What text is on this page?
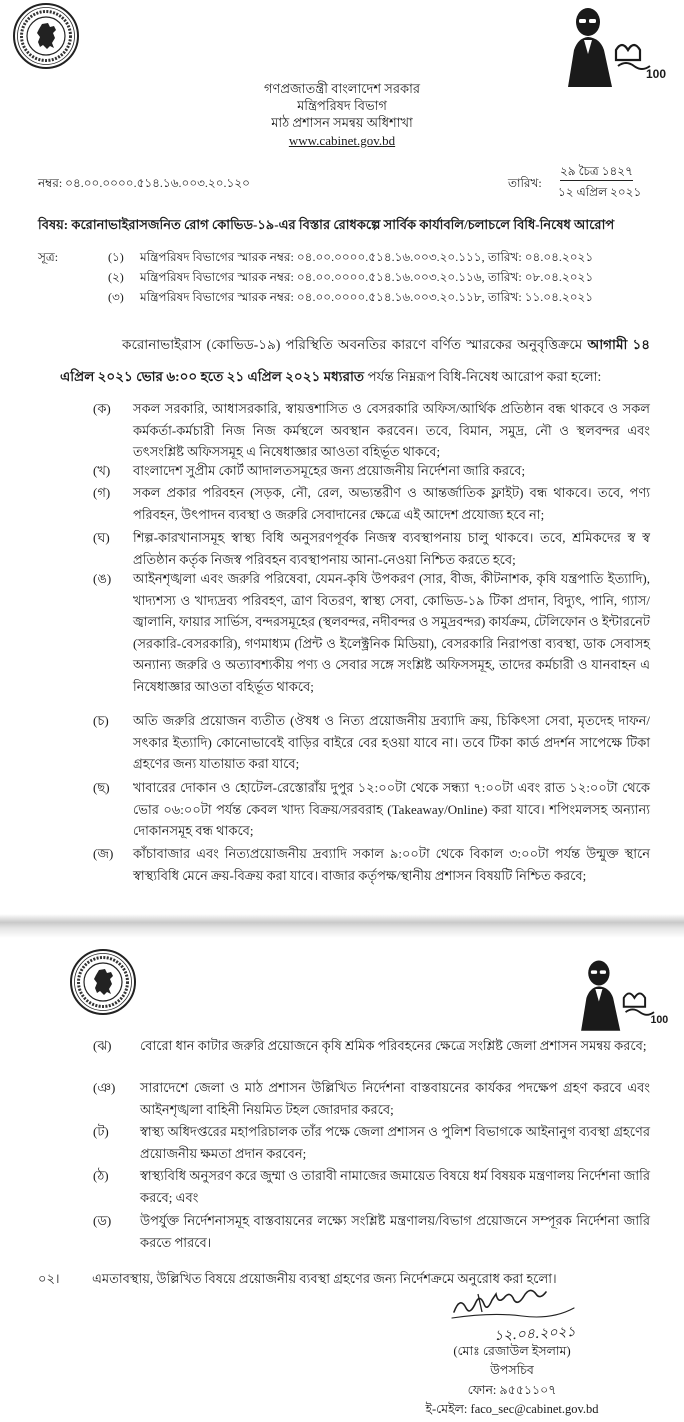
100
গণপ্রজাতন্ত্রী বাংলাদেশ সরকার
মন্ত্রিপরিষদ বিভাগ
মাঠ প্রশাসন সমন্বয় অধিশাখা
www.cabinet.gov.bd
নম্বর: ০৪.০০.০০০০.৫১৪.১৬.০০৩.২০.১২০	তারিখ:
২৯ চৈত্র ১৪২৭
১২ এপ্রিল ২০২১
বিষয়: করোনাভাইরাসজনিত রোগ কোভিড-১৯-এর বিস্তার রোধকল্পে সার্বিক কার্যাবলি/চলাচলে বিধি-নিষেধ আরোপ
সূত্র:	(১) মন্ত্রিপরিষদ বিভাগের স্মারক নম্বর: ০৪.০০.০০০০.৫১৪.১৬.০০৩.২০.১১১, তারিখ: ০৪.০৪.২০২১
(২) মন্ত্রিপরিষদ বিভাগের স্মারক নম্বর: ০৪.০০.০০০০.৫১৪.১৬.০০৩.২০.১১৬, তারিখ: ০৮.০৪.২০২১
(৩) মন্ত্রিপরিষদ বিভাগের স্মারক নম্বর: ০৪.০০.০০০০.৫১৪.১৬.০০৩.২০.১১৮, তারিখ: ১১.০৪.২০২১
করোনাভাইরাস (কোভিড-১৯) পরিস্থিতি অবনতির কারণে বর্ণিত স্মারকের অনুবৃত্তিক্রমে আগামী ১৪ এপ্রিল ২০২১ ভোর ৬:০০ হতে ২১ এপ্রিল ২০২১ মধ্যরাত পর্যন্ত নিম্নরূপ বিধি-নিষেধ আরোপ করা হলো:
(ক) সকল সরকারি, আধাসরকারি, স্বায়ত্তশাসিত ও বেসরকারি অফিস/আর্থিক প্রতিষ্ঠান বন্ধ থাকবে ও সকল কর্মকর্তা-কর্মচারী নিজ নিজ কর্মস্থলে অবস্থান করবেন। তবে, বিমান, সমুদ্র, নৌ ও স্থলবন্দর এবং তৎসংশ্লিষ্ট অফিসসমূহ এ নিষেধাজ্ঞার আওতা বহির্ভূত থাকবে;
(খ) বাংলাদেশ সুপ্রীম কোর্ট আদালতসমূহের জন্য প্রয়োজনীয় নির্দেশনা জারি করবে;
(গ) সকল প্রকার পরিবহন (সড়ক, নৌ, রেল, অভ্যন্তরীণ ও আন্তর্জাতিক ফ্লাইট) বন্ধ থাকবে। তবে, পণ্য পরিবহন, উৎপাদন ব্যবস্থা ও জরুরি সেবাদানের ক্ষেত্রে এই আদেশ প্রযোজ্য হবে না;
(ঘ) শিল্প-কারখানাসমূহ স্বাস্থ্য বিধি অনুসরণপূর্বক নিজস্ব ব্যবস্থাপনায় চালু থাকবে। তবে, শ্রমিকদের স্ব স্ব প্রতিষ্ঠান কর্তৃক নিজস্ব পরিবহন ব্যবস্থাপনায় আনা-নেওয়া নিশ্চিত করতে হবে;
(ঙ) আইনশৃঙ্খলা এবং জরুরি পরিষেবা, যেমন-কৃষি উপকরণ (সার, বীজ, কীটনাশক, কৃষি যন্ত্রপাতি ইত্যাদি), খাদ্যশস্য ও খাদ্যদ্রব্য পরিবহণ, ত্রাণ বিতরণ, স্বাস্থ্য সেবা, কোভিড-১৯ টিকা প্রদান, বিদ্যুৎ, পানি, গ্যাস/জ্বালানি, ফায়ার সার্ভিস, বন্দরসমূহের (স্থলবন্দর, নদীবন্দর ও সমুদ্রবন্দর) কার্যক্রম, টেলিফোন ও ইন্টারনেট (সরকারি-বেসরকারি), গণমাধ্যম (প্রিন্ট ও ইলেক্ট্রনিক মিডিয়া), বেসরকারি নিরাপত্তা ব্যবস্থা, ডাক সেবাসহ অন্যান্য জরুরি ও অত্যাবশ্যকীয় পণ্য ও সেবার সঙ্গে সংশ্লিষ্ট অফিসসমূহ, তাদের কর্মচারী ও যানবাহন এ নিষেধাজ্ঞার আওতা বহির্ভূত থাকবে;
(চ) অতি জরুরি প্রয়োজন ব্যতীত (ঔষধ ও নিত্য প্রয়োজনীয় দ্রব্যাদি ক্রয়, চিকিৎসা সেবা, মৃতদেহ দাফন/সৎকার ইত্যাদি) কোনোভাবেই বাড়ির বাইরে বের হওয়া যাবে না। তবে টিকা কার্ড প্রদর্শন সাপেক্ষে টিকা গ্রহণের জন্য যাতায়াত করা যাবে;
(ছ) খাবারের দোকান ও হোটেল-রেস্তোরাঁয় দুপুর ১২:০০টা থেকে সন্ধ্যা ৭:০০টা এবং রাত ১২:০০টা থেকে ভোর ০৬:০০টা পর্যন্ত কেবল খাদ্য বিক্রয়/সরবরাহ (Takeaway/Online) করা যাবে। শপিংমলসহ অন্যান্য দোকানসমূহ বন্ধ থাকবে;
(জ) কাঁচাবাজার এবং নিত্যপ্রয়োজনীয় দ্রব্যাদি সকাল ৯:০০টা থেকে বিকাল ৩:০০টা পর্যন্ত উন্মুক্ত স্থানে স্বাস্থ্যবিধি মেনে ক্রয়-বিক্রয় করা যাবে। বাজার কর্তৃপক্ষ/স্থানীয় প্রশাসন বিষয়টি নিশ্চিত করবে;
100
(ঝ) বোরো ধান কাটার জরুরি প্রয়োজনে কৃষি শ্রমিক পরিবহনের ক্ষেত্রে সংশ্লিষ্ট জেলা প্রশাসন সমন্বয় করবে;
(ঞ) সারাদেশে জেলা ও মাঠ প্রশাসন উল্লিখিত নির্দেশনা বাস্তবায়নের কার্যকর পদক্ষেপ গ্রহণ করবে এবং আইনশৃঙ্খলা বাহিনী নিয়মিত টহল জোরদার করবে;
(ট) স্বাস্থ্য অধিদপ্তরের মহাপরিচালক তাঁর পক্ষে জেলা প্রশাসন ও পুলিশ বিভাগকে আইনানুগ ব্যবস্থা গ্রহণের প্রয়োজনীয় ক্ষমতা প্রদান করবেন;
(ঠ) স্বাস্থ্যবিধি অনুসরণ করে জুম্মা ও তারাবী নামাজের জমায়েত বিষয়ে ধর্ম বিষয়ক মন্ত্রণালয় নির্দেশনা জারি করবে; এবং
(ড) উপর্যুক্ত নির্দেশনাসমূহ বাস্তবায়নের লক্ষ্যে সংশ্লিষ্ট মন্ত্রণালয়/বিভাগ প্রয়োজনে সম্পূরক নির্দেশনা জারি করতে পারবে।
০২। এমতাবস্থায়, উল্লিখিত বিষয়ে প্রয়োজনীয় ব্যবস্থা গ্রহণের জন্য নির্দেশক্রমে অনুরোধ করা হলো।
১২.০৪.২০২১
(মোঃ রেজাউল ইসলাম)
উপসচিব
ফোন: ৯৫৫১১০৭
ই-মেইল: faco_sec@cabinet.gov.bd
